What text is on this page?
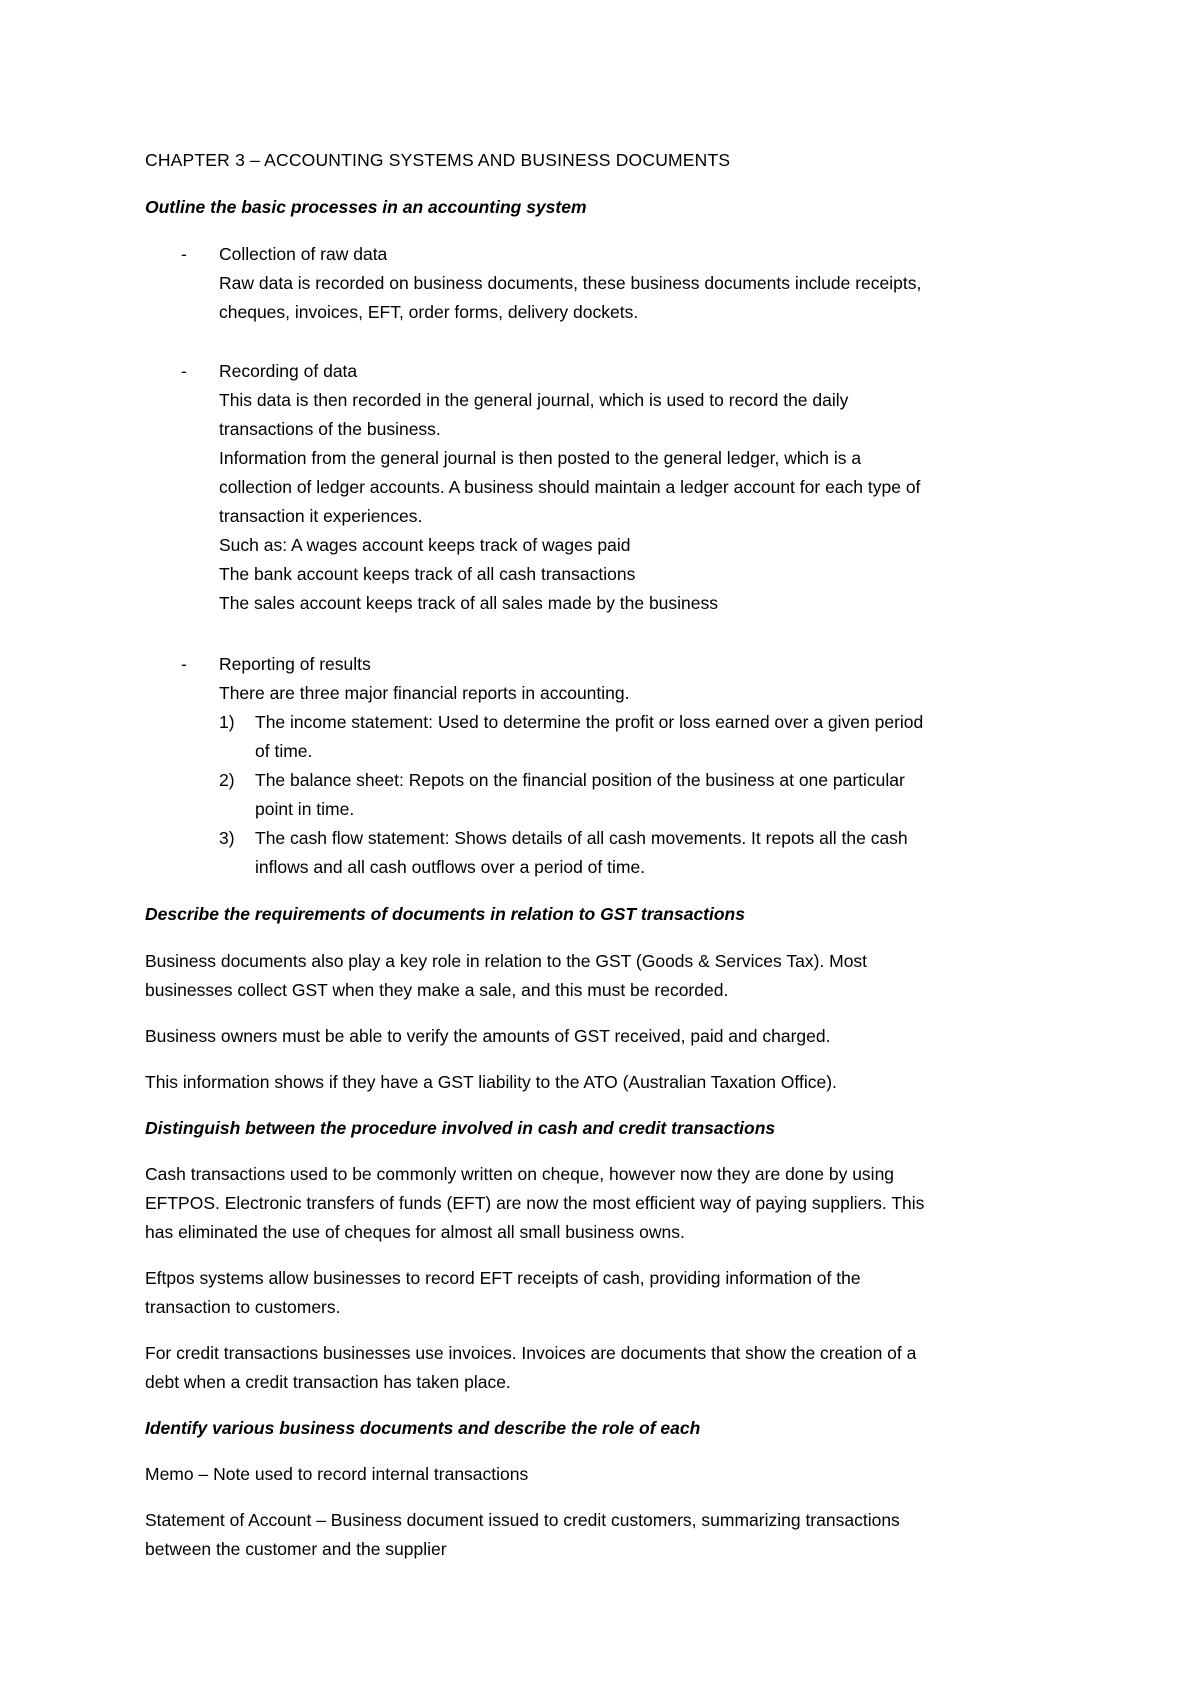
CHAPTER 3 – ACCOUNTING SYSTEMS AND BUSINESS DOCUMENTS
Outline the basic processes in an accounting system
- Collection of raw data
Raw data is recorded on business documents, these business documents include receipts,
cheques, invoices, EFT, order forms, delivery dockets.
- Recording of data
This data is then recorded in the general journal, which is used to record the daily
transactions of the business.
Information from the general journal is then posted to the general ledger, which is a
collection of ledger accounts. A business should maintain a ledger account for each type of
transaction it experiences.
Such as: A wages account keeps track of wages paid
The bank account keeps track of all cash transactions
The sales account keeps track of all sales made by the business
- Reporting of results
There are three major financial reports in accounting.
1) The income statement: Used to determine the profit or loss earned over a given period
of time.
2) The balance sheet: Repots on the financial position of the business at one particular
point in time.
3) The cash flow statement: Shows details of all cash movements. It repots all the cash
inflows and all cash outflows over a period of time.
Describe the requirements of documents in relation to GST transactions
Business documents also play a key role in relation to the GST (Goods & Services Tax). Most
businesses collect GST when they make a sale, and this must be recorded.
Business owners must be able to verify the amounts of GST received, paid and charged.
This information shows if they have a GST liability to the ATO (Australian Taxation Office).
Distinguish between the procedure involved in cash and credit transactions
Cash transactions used to be commonly written on cheque, however now they are done by using
EFTPOS. Electronic transfers of funds (EFT) are now the most efficient way of paying suppliers. This
has eliminated the use of cheques for almost all small business owns.
Eftpos systems allow businesses to record EFT receipts of cash, providing information of the
transaction to customers.
For credit transactions businesses use invoices. Invoices are documents that show the creation of a
debt when a credit transaction has taken place.
Identify various business documents and describe the role of each
Memo – Note used to record internal transactions
Statement of Account – Business document issued to credit customers, summarizing transactions
between the customer and the supplier
